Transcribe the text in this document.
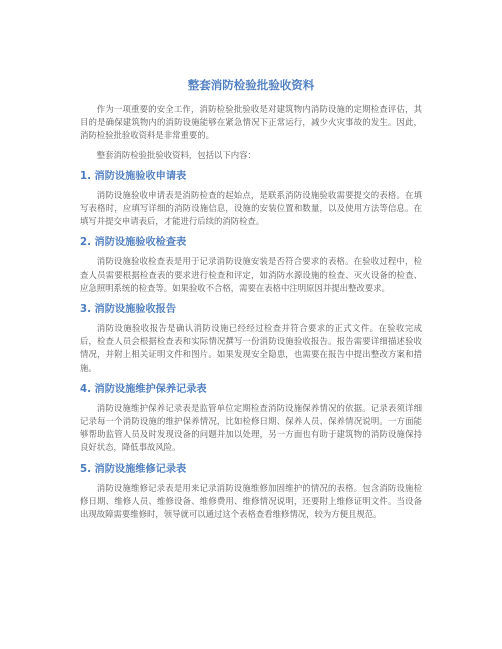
整套消防检验批验收资料

作为一项重要的安全工作，消防检验批验收是对建筑物内消防设施的定期检查评估，其目的是确保建筑物内的消防设施能够在紧急情况下正常运行，减少火灾事故的发生。因此，消防检验批验收资料是非常重要的。

整套消防检验批验收资料，包括以下内容：

1. 消防设施验收申请表

消防设施验收申请表是消防检查的起始点，是联系消防设施验收需要提交的表格。在填写表格时，应填写详细的消防设施信息，设施的安装位置和数量，以及使用方法等信息。在填写并提交申请表后，才能进行后续的消防检查。

2. 消防设施验收检查表

消防设施验收检查表是用于记录消防设施安装是否符合要求的表格。在验收过程中，检查人员需要根据检查表的要求进行检查和评定，如消防水源设施的检查、灭火设备的检查、应急照明系统的检查等。如果验收不合格，需要在表格中注明原因并提出整改要求。

3. 消防设施验收报告

消防设施验收报告是确认消防设施已经经过检查并符合要求的正式文件。在验收完成后，检查人员会根据检查表和实际情况撰写一份消防设施验收报告。报告需要详细描述验收情况，并附上相关证明文件和图片。如果发现安全隐患，也需要在报告中提出整改方案和措施。

4. 消防设施维护保养记录表

消防设施维护保养记录表是监管单位定期检查消防设施保养情况的依据。记录表须详细记录每一个消防设施的维护保养情况，比如检修日期、保养人员、保养情况说明。一方面能够帮助监管人员及时发现设备的问题并加以处理，另一方面也有助于建筑物的消防设施保持良好状态，降低事故风险。

5. 消防设施维修记录表

消防设施维修记录表是用来记录消防设施维修加固维护的情况的表格。包含消防设施检修日期、维修人员、维修设备、维修费用、维修情况说明，还要附上维修证明文件。当设备出现故障需要维修时，领导就可以通过这个表格查看维修情况，较为方便且规范。
